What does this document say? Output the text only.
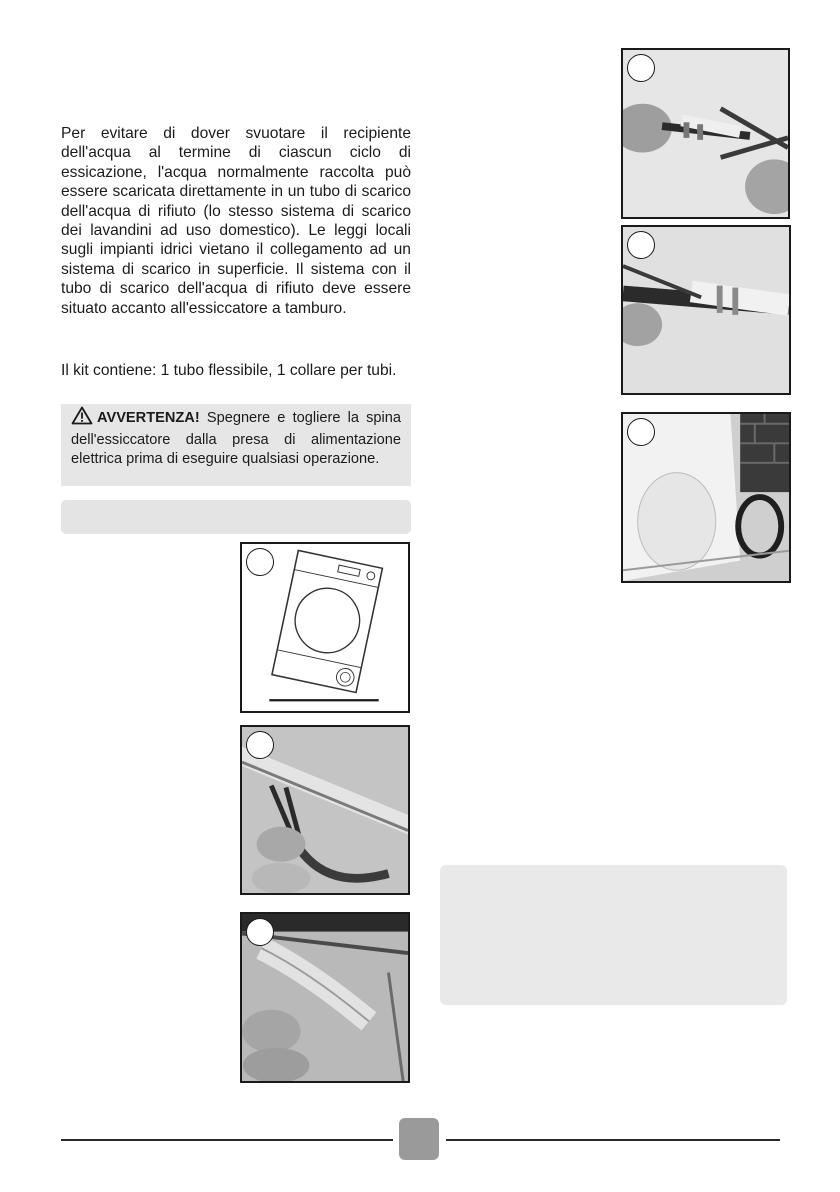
Per evitare di dover svuotare il recipiente dell'acqua al termine di ciascun ciclo di essicazione, l'acqua normalmente raccolta può essere scaricata direttamente in un tubo di scarico dell'acqua di rifiuto (lo stesso sistema di scarico dei lavandini ad uso domestico). Le leggi locali sugli impianti idrici vietano il collegamento ad un sistema di scarico in superficie. Il sistema con il tubo di scarico dell'acqua di rifiuto deve essere situato accanto all'essiccatore a tamburo.

Il kit contiene: 1 tubo flessibile, 1 collare per tubi.

AVVERTENZA! Spegnere e togliere la spina dell'essiccatore dalla presa di alimentazione elettrica prima di eseguire qualsiasi operazione.
